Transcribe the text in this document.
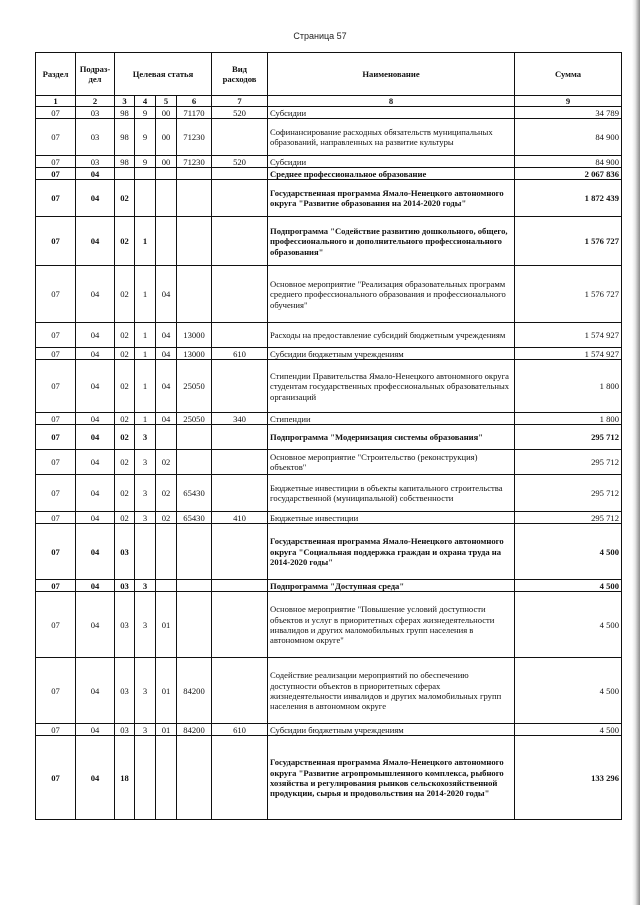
Страница 57
Раздел	Подраз-дел	Целевая статья				Вид расходов	Наименование	Сумма
1	2	3	4	5	6	7	8	9
07	03	98	9	00	71170	520	Субсидии	34 789
07	03	98	9	00	71230		Софинансирование расходных обязательств муниципальных образований, направленных на развитие культуры	84 900
07	03	98	9	00	71230	520	Субсидии	84 900
07	04						Среднее профессиональное образование	2 067 836
07	04	02					Государственная программа Ямало-Ненецкого автономного округа "Развитие образования на 2014-2020 годы"	1 872 439
07	04	02	1				Подпрограмма "Содействие развитию дошкольного, общего, профессионального и дополнительного профессионального образования"	1 576 727
07	04	02	1	04			Основное мероприятие "Реализация образовательных программ среднего профессионального образования и профессионального обучения"	1 576 727
07	04	02	1	04	13000		Расходы на предоставление субсидий бюджетным учреждениям	1 574 927
07	04	02	1	04	13000	610	Субсидии бюджетным учреждениям	1 574 927
07	04	02	1	04	25050		Стипендии Правительства Ямало-Ненецкого автономного округа студентам государственных профессиональных образовательных организаций	1 800
07	04	02	1	04	25050	340	Стипендии	1 800
07	04	02	3				Подпрограмма "Модернизация системы образования"	295 712
07	04	02	3	02			Основное мероприятие "Строительство (реконструкция) объектов"	295 712
07	04	02	3	02	65430		Бюджетные инвестиции в объекты капитального строительства государственной (муниципальной) собственности	295 712
07	04	02	3	02	65430	410	Бюджетные инвестиции	295 712
07	04	03					Государственная программа Ямало-Ненецкого автономного округа "Социальная поддержка граждан и охрана труда на 2014-2020 годы"	4 500
07	04	03	3				Подпрограмма "Доступная среда"	4 500
07	04	03	3	01			Основное мероприятие "Повышение условий доступности объектов и услуг в приоритетных сферах жизнедеятельности инвалидов и других маломобильных групп населения в автономном округе"	4 500
07	04	03	3	01	84200		Содействие реализации мероприятий по обеспечению доступности объектов в приоритетных сферах жизнедеятельности инвалидов и других маломобильных групп населения в автономном округе	4 500
07	04	03	3	01	84200	610	Субсидии бюджетным учреждениям	4 500
07	04	18					Государственная программа Ямало-Ненецкого автономного округа "Развитие агропромышленного комплекса, рыбного хозяйства и регулирования рынков сельскохозяйственной продукции, сырья и продовольствия на 2014-2020 годы"	133 296
